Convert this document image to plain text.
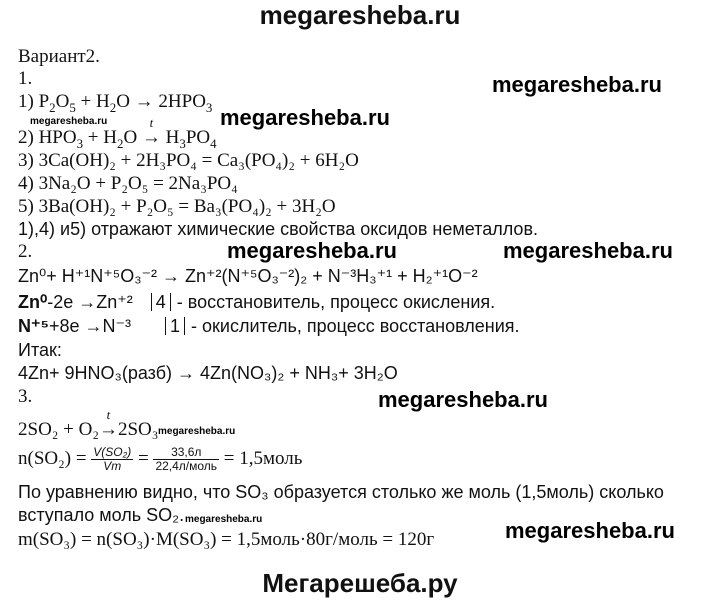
megaresheba.ru
Вариант2.
1.	megaresheba.ru
1) $P_2O_5 + H_2O \to 2HPO_3$
megaresheba.ru	megaresheba.ru
2) $HPO_3 + H_2O$
t
→ $H_3PO_4$
3) 3Ca(OH)₂ + 2H₃PO₄ = Ca₃(PO₄)₂ + 6H₂O
4) 3Na₂O + P₂O₅ = 2Na₃PO₄
5) 3Ba(OH)₂ + P₂O₅ = Ba₃(PO₄)₂ + 3H₂O
1),4) и5) отражают химические свойства оксидов неметаллов.
2.	megaresheba.ru	megaresheba.ru
Zn⁰+ H⁺¹N⁺⁵O₃⁻² → Zn⁺²(N⁺⁵O₃⁻²)₂ + N⁻³H₃⁺¹ + H₂⁺¹O⁻²
Zn⁰-2e →Zn⁺² 4 - восстановитель, процесс окисления.
N⁺⁵+8e →N⁻³ 1 - окислитель, процесс восстановления.
Итак:
4Zn+ 9HNO₃(разб) → 4Zn(NO₃)₂ + NH₃+ 3H₂O
3.	megaresheba.ru
2SO₂ + O₂
t
→2SO₃ megaresheba.ru
$n(SO_2) = \frac{\text{V(SO₂)}}{Vm} = \frac{33,6л}{\text{22,4л/моль}}$ = 1,5моль
По уравнению видно, что SO₃ образуется столько же моль (1,5моль) сколько
вступало моль SO₂. megaresheba.ru	megaresheba.ru
m(SO₃) = n(SO₃)·M(SO₃) = 1,5моль·80г/моль = 120г
Мегарешеба.ру
